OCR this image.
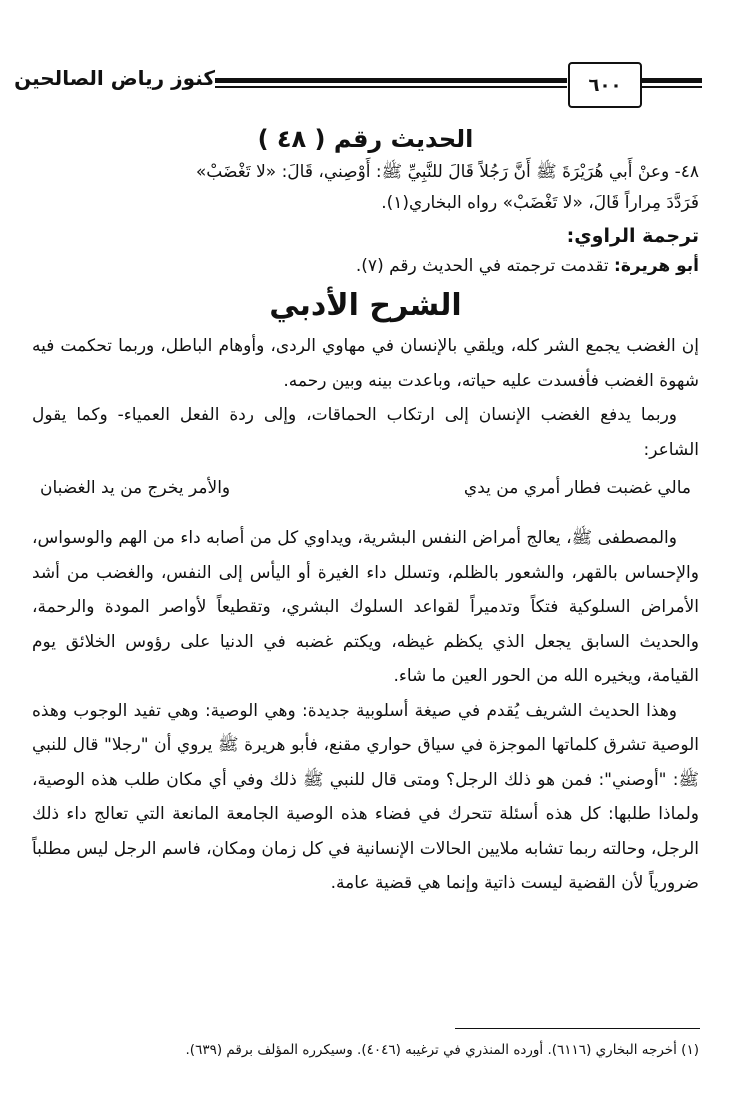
كنوز رياض الصالحين	٦٠٠
الحديث رقم ( ٤٨ )

٤٨- وعنْ أَبي هُرَيْرَةَ ﷺ أَنَّ رَجُلاً قَالَ للنَّبِيِّ ﷺ: أَوْصِني، قَالَ: «لا تَغْضَبْ»

فَرَدَّدَ مِراراً قَالَ، «لا تَغْضَبْ» رواه البخاري(١).

ترجمة الراوي:

أبو هريرة: تقدمت ترجمته في الحديث رقم (٧).

الشرح الأدبي

إن الغضب يجمع الشر كله، ويلقي بالإنسان في مهاوي الردى، وأوهام الباطل، وربما تحكمت فيه شهوة الغضب فأفسدت عليه حياته، وباعدت بينه وبين رحمه.

وربما يدفع الغضب الإنسان إلى ارتكاب الحماقات، وإلى ردة الفعل العمياء- وكما يقول الشاعر:

مالي غضبت فطار أمري من يدي
والأمر يخرج من يد الغضبان

والمصطفى ﷺ، يعالج أمراض النفس البشرية، ويداوي كل من أصابه داء من الهم والوسواس، والإحساس بالقهر، والشعور بالظلم، وتسلل داء الغيرة أو اليأس إلى النفس، والغضب من أشد الأمراض السلوكية فتكاً وتدميراً لقواعد السلوك البشري، وتقطيعاً لأواصر المودة والرحمة، والحديث السابق يجعل الذي يكظم غيظه، ويكتم غضبه في الدنيا على رؤوس الخلائق يوم القيامة، ويخيره الله من الحور العين ما شاء.

وهذا الحديث الشريف يُقدم في صيغة أسلوبية جديدة: وهي الوصية: وهي تفيد الوجوب وهذه الوصية تشرق كلماتها الموجزة في سياق حواري مقنع، فأبو هريرة ﷺ يروي أن "رجلا" قال للنبي ﷺ: "أوصني": فمن هو ذلك الرجل؟ ومتى قال للنبي ﷺ ذلك وفي أي مكان طلب هذه الوصية، ولماذا طلبها: كل هذه أسئلة تتحرك في فضاء هذه الوصية الجامعة المانعة التي تعالج داء ذلك الرجل، وحالته ربما تشابه ملايين الحالات الإنسانية في كل زمان ومكان، فاسم الرجل ليس مطلباً ضرورياً لأن القضية ليست ذاتية وإنما هي قضية عامة.

(١) أخرجه البخاري (٦١١٦). أورده المنذري في ترغيبه (٤٠٤٦). وسيكرره المؤلف برقم (٦٣٩).
